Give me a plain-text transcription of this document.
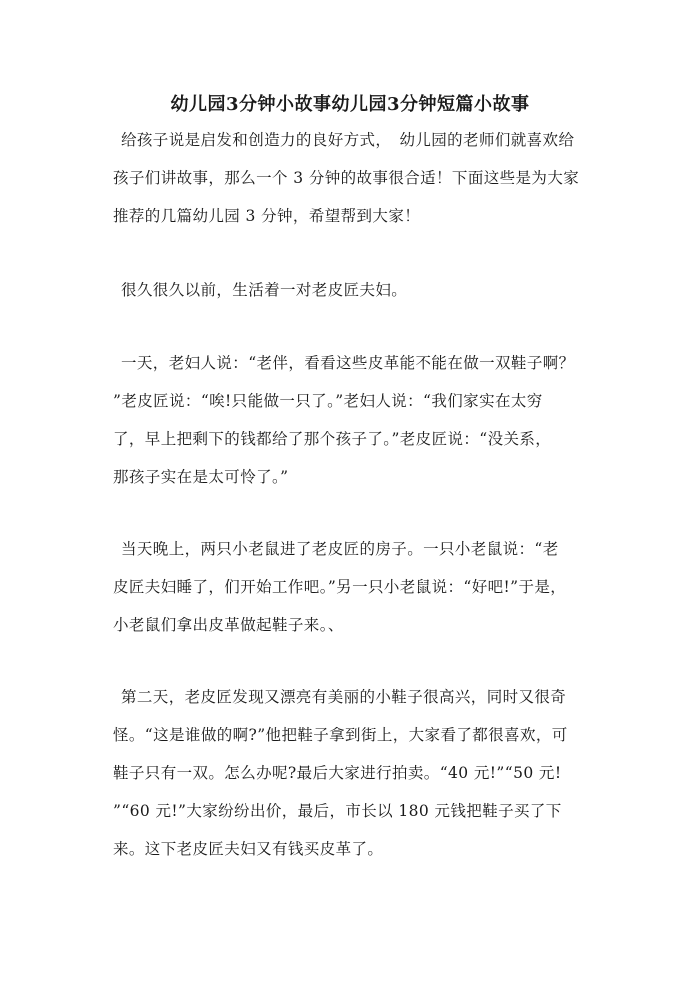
幼儿园3分钟小故事幼儿园3分钟短篇小故事
给孩子说是启发和创造力的良好方式，　幼儿园的老师们就喜欢给
孩子们讲故事，那么一个 3 分钟的故事很合适！下面这些是为大家
推荐的几篇幼儿园 3 分钟，希望帮到大家！
很久很久以前，生活着一对老皮匠夫妇。
一天，老妇人说：“老伴，看看这些皮革能不能在做一双鞋子啊？
”老皮匠说：“唉!只能做一只了。”老妇人说：“我们家实在太穷
了，早上把剩下的钱都给了那个孩子了。”老皮匠说：“没关系，
那孩子实在是太可怜了。”
当天晚上，两只小老鼠进了老皮匠的房子。一只小老鼠说：“老
皮匠夫妇睡了，们开始工作吧。”另一只小老鼠说：“好吧!”于是，
小老鼠们拿出皮革做起鞋子来。、
第二天，老皮匠发现又漂亮有美丽的小鞋子很高兴，同时又很奇
怪。“这是谁做的啊?”他把鞋子拿到街上，大家看了都很喜欢，可
鞋子只有一双。怎么办呢?最后大家进行拍卖。“40 元!”“50 元!
”“60 元!”大家纷纷出价，最后，市长以 180 元钱把鞋子买了下
来。这下老皮匠夫妇又有钱买皮革了。
